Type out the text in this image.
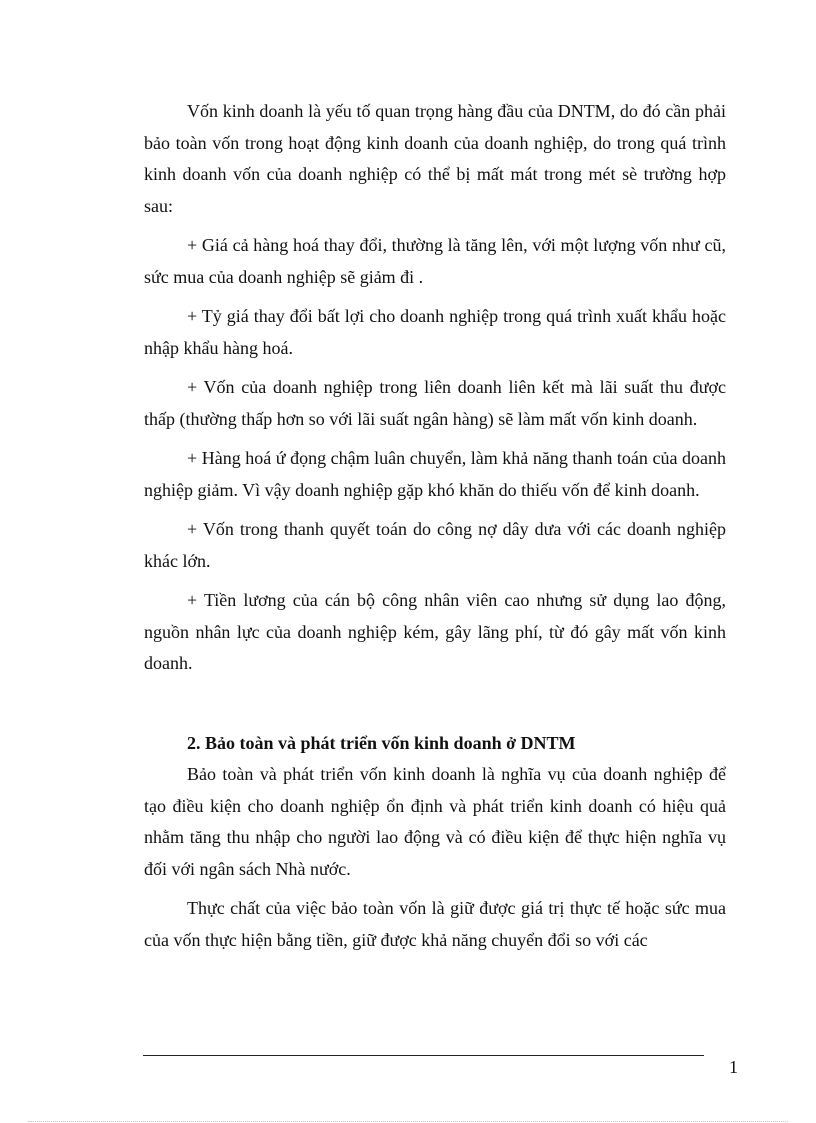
Vốn kinh doanh là yếu tố quan trọng hàng đầu của DNTM, do đó cần phải bảo toàn vốn trong hoạt động kinh doanh của doanh nghiệp, do trong quá trình kinh doanh vốn của doanh nghiệp có thể bị mất mát trong mét sè trường hợp sau:

+ Giá cả hàng hoá thay đổi, thường là tăng lên, với một lượng vốn như cũ, sức mua của doanh nghiệp sẽ giảm đi .

+ Tỷ giá thay đổi bất lợi cho doanh nghiệp trong quá trình xuất khẩu hoặc nhập khẩu hàng hoá.

+ Vốn của doanh nghiệp trong liên doanh liên kết mà lãi suất thu được thấp (thường thấp hơn so với lãi suất ngân hàng) sẽ làm mất vốn kinh doanh.

+ Hàng hoá ứ đọng chậm luân chuyển, làm khả năng thanh toán của doanh nghiệp giảm. Vì vậy doanh nghiệp gặp khó khăn do thiếu vốn để kinh doanh.

+ Vốn trong thanh quyết toán do công nợ dây dưa với các doanh nghiệp khác lớn.

+ Tiền lương của cán bộ công nhân viên cao nhưng sử dụng lao động, nguồn nhân lực của doanh nghiệp kém, gây lãng phí, từ đó gây mất vốn kinh doanh.

2. Bảo toàn và phát triển vốn kinh doanh ở DNTM

Bảo toàn và phát triển vốn kinh doanh là nghĩa vụ của doanh nghiệp để tạo điều kiện cho doanh nghiệp ổn định và phát triển kinh doanh có hiệu quả nhằm tăng thu nhập cho người lao động và có điều kiện để thực hiện nghĩa vụ đối với ngân sách Nhà nước.

Thực chất của việc bảo toàn vốn là giữ được giá trị thực tế hoặc sức mua của vốn thực hiện bằng tiền, giữ được khả năng chuyển đổi so với các

1
